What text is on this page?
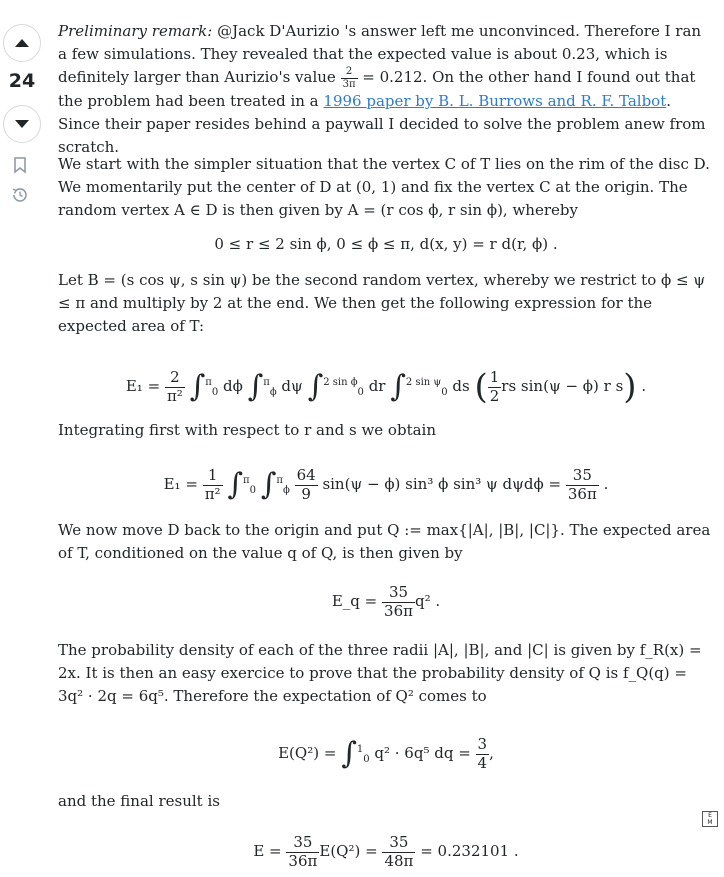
24

Preliminary remark: @Jack D'Aurizio 's answer left me unconvinced. Therefore I ran a few simulations. They revealed that the expected value is about 0.23, which is definitely larger than Aurizio's value $\frac{2}{3\pi} = 0.212$. On the other hand I found out that the problem had been treated in a 1996 paper by B. L. Burrows and R. F. Talbot. Since their paper resides behind a paywall I decided to solve the problem anew from scratch.

We start with the simpler situation that the vertex C of T lies on the rim of the disc D. We momentarily put the center of D at (0, 1) and fix the vertex C at the origin. The random vertex A ∈ D is then given by A = (r cos ϕ, r sin ϕ), whereby

0 ≤ r ≤ 2 sin ϕ, 0 ≤ ϕ ≤ π, d(x, y) = r d(r, ϕ) .

Let B = (s cos ψ, s sin ψ) be the second random vertex, whereby we restrict to ϕ ≤ ψ ≤ π and multiply by 2 at the end. We then get the following expression for the expected area of T:

$E_1 = \frac{2}{\text{π²}} \int^\pi_0$ dϕ ∫$^\pi_\phi$ dψ ∫$^{2 sin \phi}_0$ dr ∫$^{2 sin \psi}_0$ ds ( $\frac{1}{2}$ rs sin(ψ − ϕ) r s) .

Integrating first with respect to r and s we obtain

$E_1 = \frac{1}{\text{π²}} \int^\pi_0$ $\int^\pi_\phi \frac{64}{9} \sin(\psi - \phi)$ sin³ ϕ sin³ ψ $d\psi d\phi = \frac{35}{36\pi}$ .

We now move D back to the origin and put Q := max{|A|, |B|, |C|}. The expected area of T, conditioned on the value q of Q, is then given by

E_q = $\frac{35}{36\pi} q^2$ .

The probability density of each of the three radii |A|, |B|, and |C| is given by f_R(x) = 2x. It is then an easy exercice to prove that the probability density of Q is f_Q(q) = 3q² · 2q = 6q⁵. Therefore the expectation of Q² comes to

E(Q²) = ∫$^1_0$ q² · 6q⁵ dq = $\frac{3}{4}$ ,

and the final result is

$E = \frac{35}{36\pi} E(Q^2) = \frac{35}{48\pi} = 0.232101$ .
E
M
